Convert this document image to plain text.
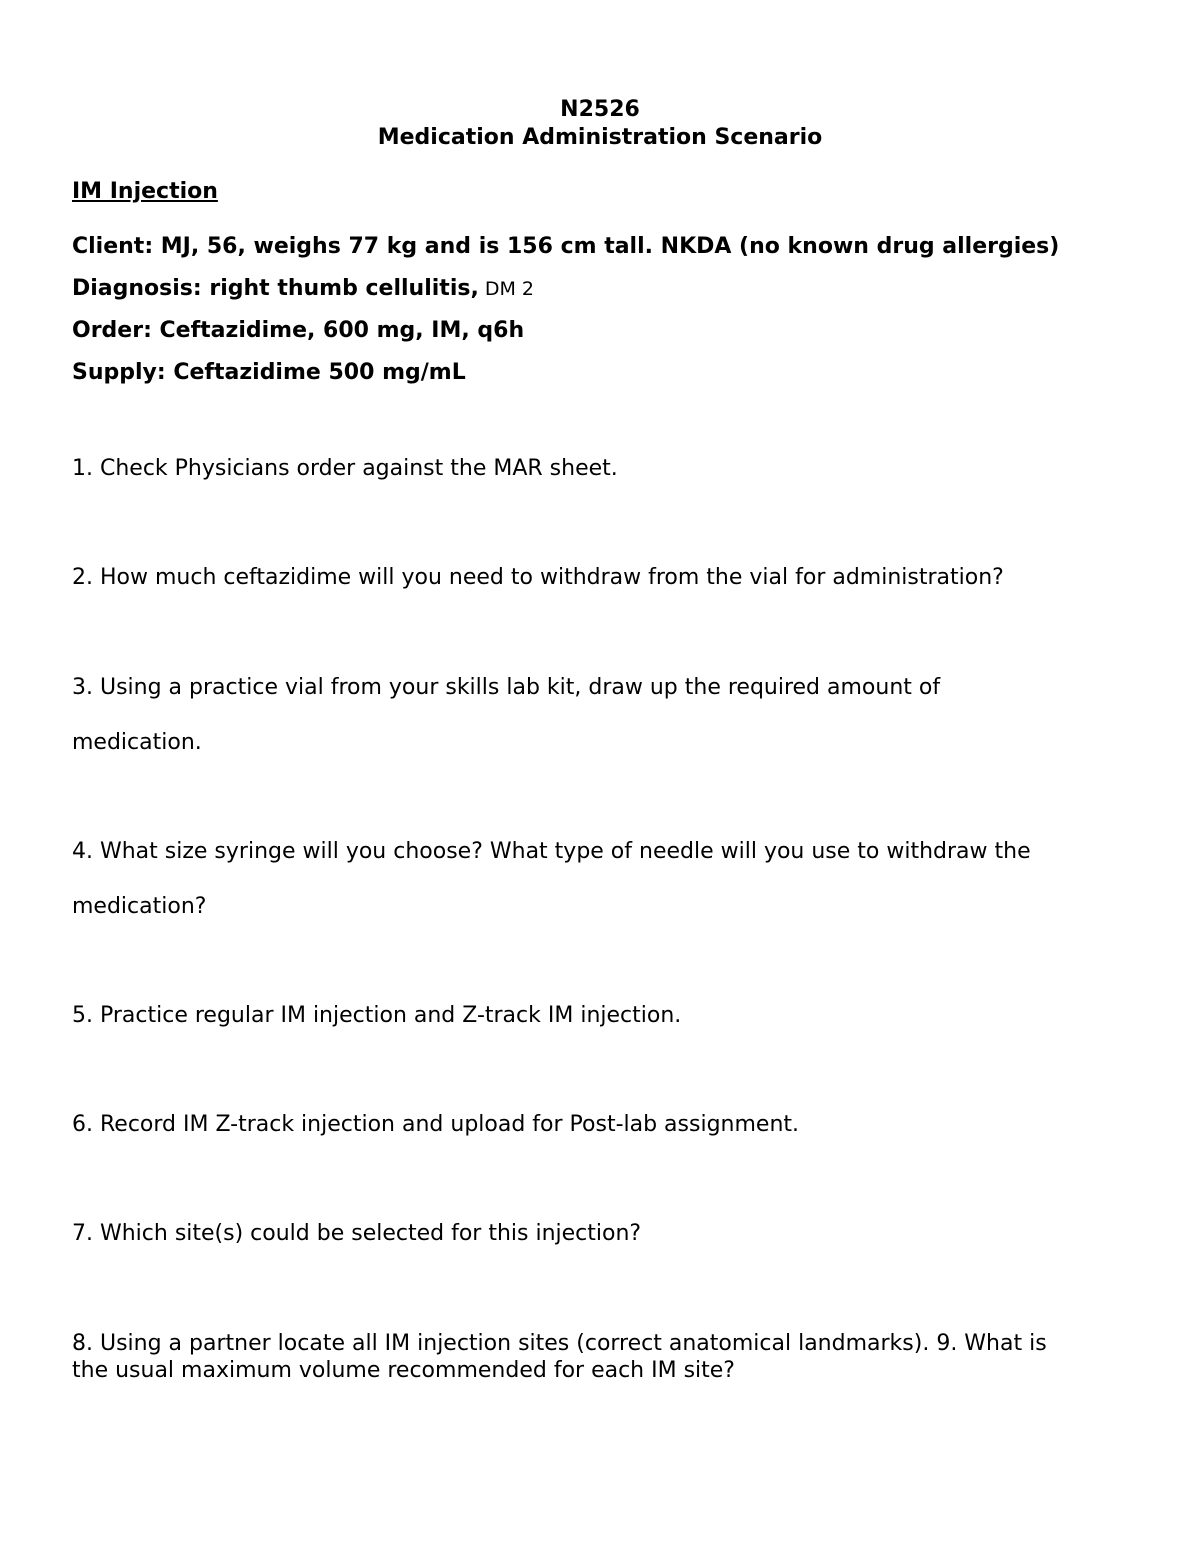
N2526
Medication Administration Scenario
IM Injection
Client: MJ, 56, weighs 77 kg and is 156 cm tall. NKDA (no known drug allergies)
Diagnosis: right thumb cellulitis, DM 2
Order: Ceftazidime, 600 mg, IM, q6h
Supply: Ceftazidime 500 mg/mL
1. Check Physicians order against the MAR sheet.
2. How much ceftazidime will you need to withdraw from the vial for administration?
3. Using a practice vial from your skills lab kit, draw up the required amount of
medication.
4. What size syringe will you choose? What type of needle will you use to withdraw the
medication?
5. Practice regular IM injection and Z-track IM injection.
6. Record IM Z-track injection and upload for Post-lab assignment.
7. Which site(s) could be selected for this injection?
8. Using a partner locate all IM injection sites (correct anatomical landmarks). 9. What is
the usual maximum volume recommended for each IM site?
